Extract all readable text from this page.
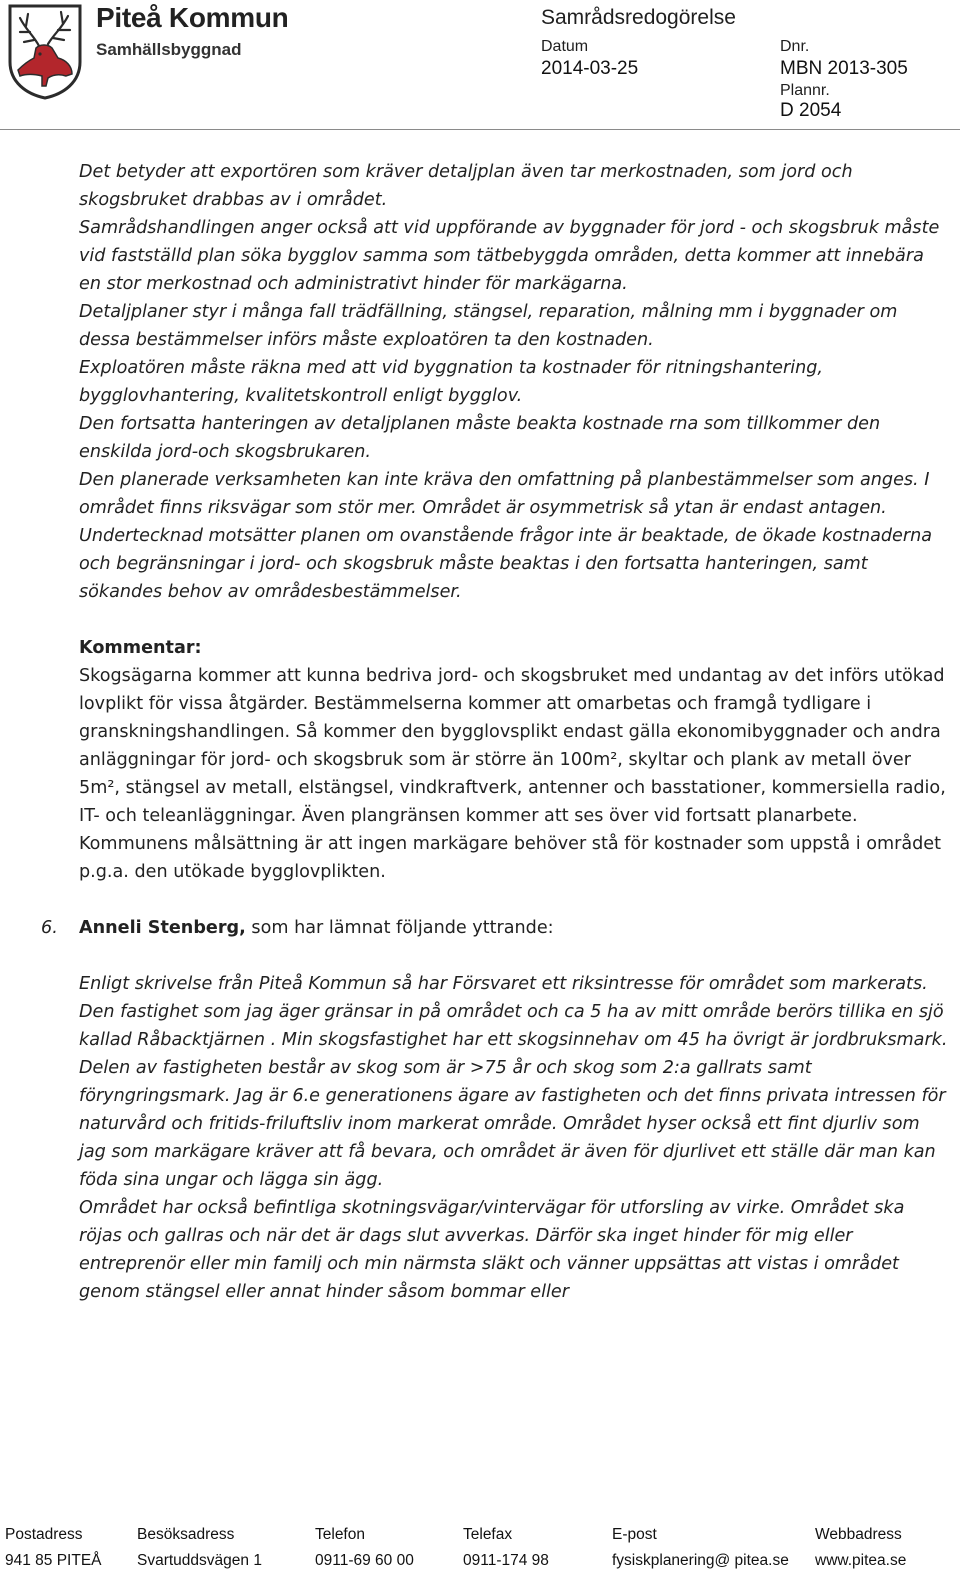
Piteå Kommun
Samhällsbyggnad
Samrådsredogörelse
Datum
2014-03-25
Dnr.
MBN 2013-305
Plannr.
D 2054

Det betyder att exportören som kräver detaljplan även tar merkostnaden, som jord och skogsbruket drabbas av i området.

Samrådshandlingen anger också att vid uppförande av byggnader för jord - och skogsbruk måste vid fastställd plan söka bygglov samma som tätbebyggda områden, detta kommer att innebära en stor merkostnad och administrativt hinder för markägarna.

Detaljplaner styr i många fall trädfällning, stängsel, reparation, målning mm i byggnader om dessa bestämmelser införs måste exploatören ta den kostnaden.

Exploatören måste räkna med att vid byggnation ta kostnader för ritningshantering, bygglovhantering, kvalitetskontroll enligt bygglov.

Den fortsatta hanteringen av detaljplanen måste beakta kostnade rna som tillkommer den enskilda jord-och skogsbrukaren.

Den planerade verksamheten kan inte kräva den omfattning på planbestämmelser som anges. I området finns riksvägar som stör mer. Området är osymmetrisk så ytan är endast antagen.

Undertecknad motsätter planen om ovanstående frågor inte är beaktade, de ökade kostnaderna och begränsningar i jord- och skogsbruk måste beaktas i den fortsatta hanteringen, samt sökandes behov av områdesbestämmelser.

Kommentar:

Skogsägarna kommer att kunna bedriva jord- och skogsbruket med undantag av det införs utökad lovplikt för vissa åtgärder. Bestämmelserna kommer att omarbetas och framgå tydligare i granskningshandlingen. Så kommer den bygglovsplikt endast gälla ekonomibyggnader och andra anläggningar för jord- och skogsbruk som är större än 100m², skyltar och plank av metall över 5m², stängsel av metall, elstängsel, vindkraftverk, antenner och basstationer, kommersiella radio, IT- och teleanläggningar. Även plangränsen kommer att ses över vid fortsatt planarbete. Kommunens målsättning är att ingen markägare behöver stå för kostnader som uppstå i området p.g.a. den utökade bygglovplikten.

6. Anneli Stenberg, som har lämnat följande yttrande:

Enligt skrivelse från Piteå Kommun så har Försvaret ett riksintresse för området som markerats. Den fastighet som jag äger gränsar in på området och ca 5 ha av mitt område berörs tillika en sjö kallad Råbacktjärnen . Min skogsfastighet har ett skogsinnehav om 45 ha övrigt är jordbruksmark. Delen av fastigheten består av skog som är >75 år och skog som 2:a gallrats samt föryngringsmark. Jag är 6.e generationens ägare av fastigheten och det finns privata intressen för naturvård och fritids-friluftsliv inom markerat område. Området hyser också ett fint djurliv som jag som markägare kräver att få bevara, och området är även för djurlivet ett ställe där man kan föda sina ungar och lägga sin ägg.

Området har också befintliga skotningsvägar/vintervägar för utforsling av virke. Området ska röjas och gallras och när det är dags slut avverkas. Därför ska inget hinder för mig eller entreprenör eller min familj och min närmsta släkt och vänner uppsättas att vistas i området genom stängsel eller annat hinder såsom bommar eller

Postadress
941 85 PITEÅ
Besöksadress
Svartuddsvägen 1
Telefon
0911-69 60 00
Telefax
0911-174 98
E-post
fysiskplanering@ pitea.se
Webbadress
www.pitea.se
